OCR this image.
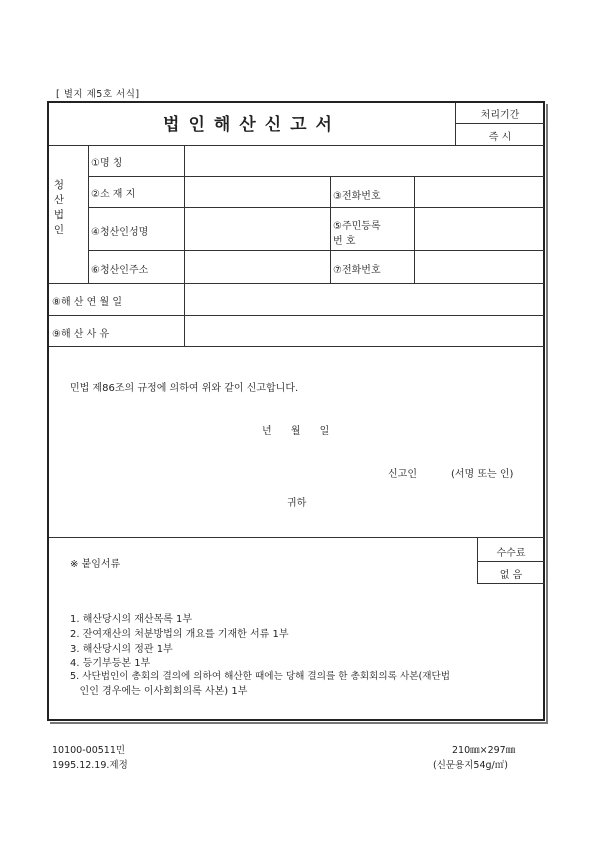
[ 별지 제5호 서식]
법인해산신고서	처리기간
즉 시
청산법인
①명 칭
②소 재 지	③전화번호
④청산인성명
⑤주민등록
번 호
⑥청산인주소	⑦전화번호
⑧해 산 연 월 일
⑨해 산 사 유
민법 제86조의 규정에 의하여 위와 같이 신고합니다.
년 월 일
신고인	(서명 또는 인)
귀하
※ 붙임서류
수수료
없 음
1. 해산당시의 재산목록 1부
2. 잔여재산의 처분방법의 개요를 기재한 서류 1부
3. 해산당시의 정관 1부
4. 등기부등본 1부
5. 사단법인이 총회의 결의에 의하여 해산한 때에는 당해 결의를 한 총회회의록 사본(재단법
인인 경우에는 이사회회의록 사본) 1부
10100-00511민
1995.12.19.제정
210㎜×297㎜
(신문용지54g/㎡)
